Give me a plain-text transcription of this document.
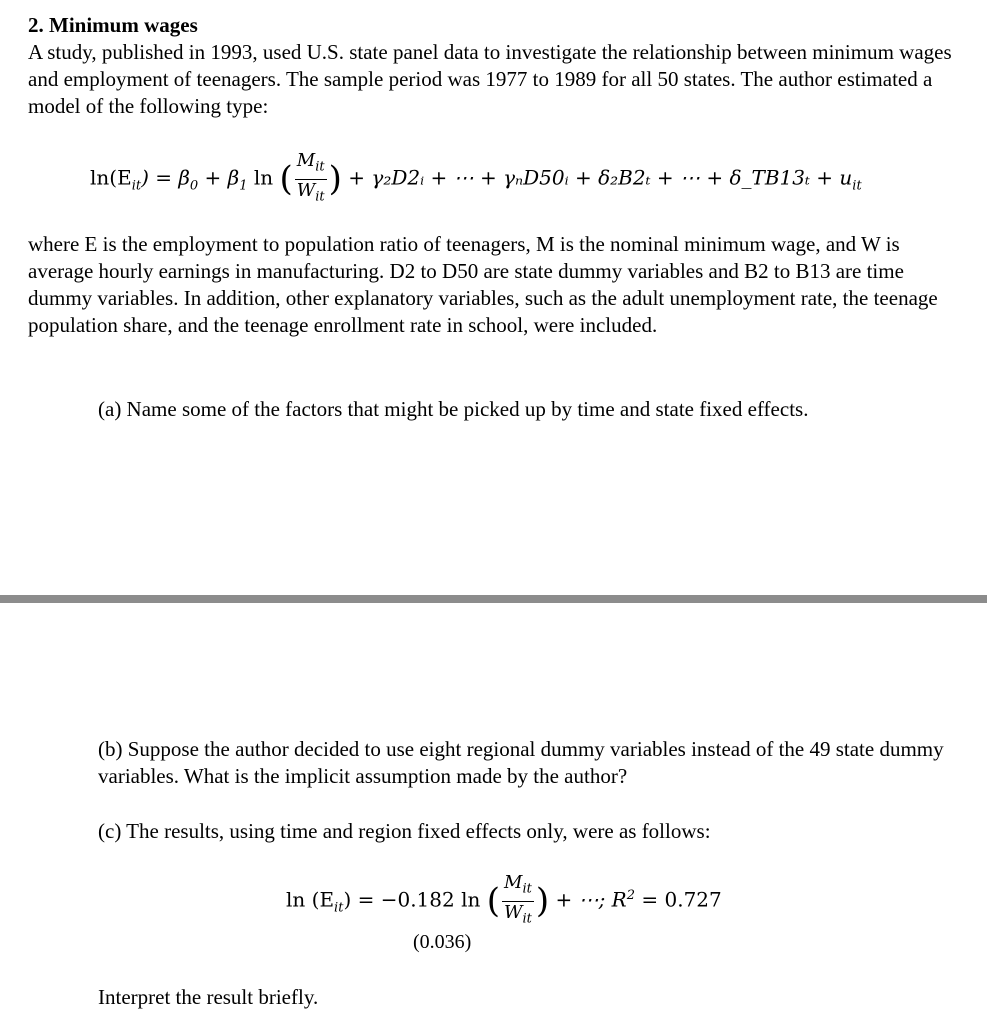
2. Minimum wages
A study, published in 1993, used U.S. state panel data to investigate the relationship between minimum wages and employment of teenagers. The sample period was 1977 to 1989 for all 50 states. The author estimated a model of the following type:
$\ln(E_{it}) = \beta_0 + \beta_1$ ln ( $\frac{M_{it}}{W_{it}}$ ) + γ₂D2ᵢ + ⋯ + γₙD50ᵢ + δ₂B2ₜ + ⋯ + δ_TB13ₜ + $u_{it}$
where E is the employment to population ratio of teenagers, M is the nominal minimum wage, and W is average hourly earnings in manufacturing. D2 to D50 are state dummy variables and B2 to B13 are time dummy variables. In addition, other explanatory variables, such as the adult unemployment rate, the teenage population share, and the teenage enrollment rate in school, were included.
(a) Name some of the factors that might be picked up by time and state fixed effects.
(b) Suppose the author decided to use eight regional dummy variables instead of the 49 state dummy variables. What is the implicit assumption made by the author?
(c) The results, using time and region fixed effects only, were as follows:
$\ln (E_{it}) = -0.182$ ln ( $\frac{M_{it}}{W_{it}}$ ) + ⋯; $R^2 = 0.727$
(0.036)
Interpret the result briefly.
